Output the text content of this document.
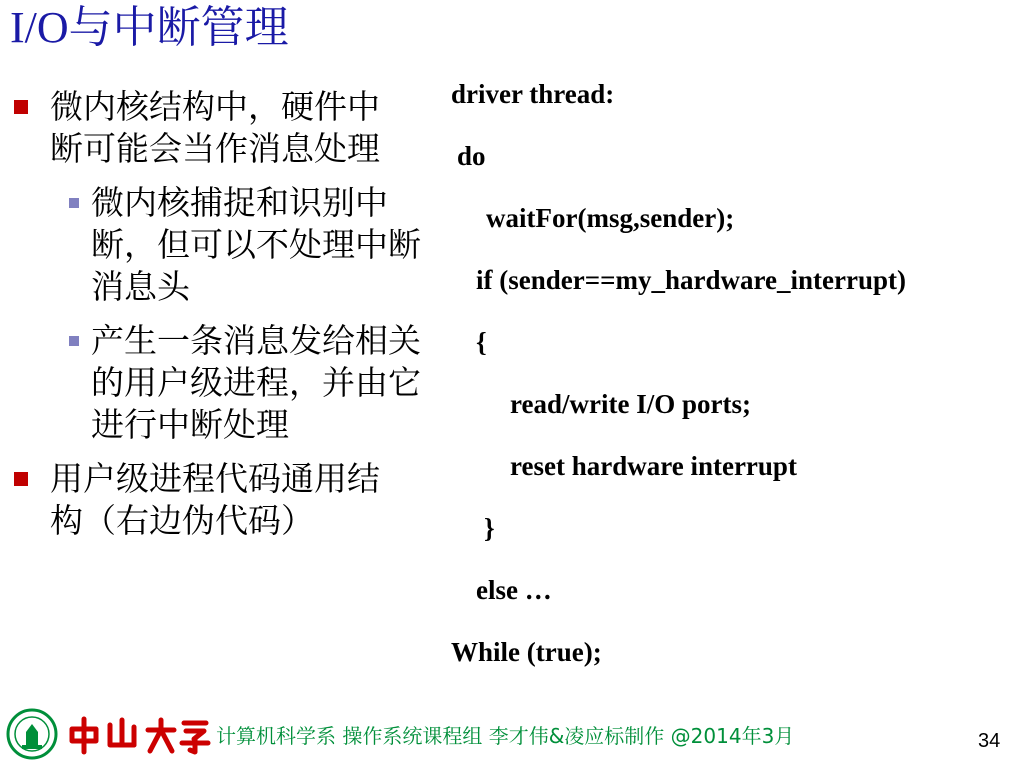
I/O与中断管理
微内核结构中，硬件中断可能会当作消息处理
微内核捕捉和识别中断，但可以不处理中断消息头
产生一条消息发给相关的用户级进程，并由它进行中断处理
用户级进程代码通用结构（右边伪代码）
driver thread:
do
waitFor(msg,sender);
if (sender==my_hardware_interrupt)
{
read/write I/O ports;
reset hardware interrupt
}
else …
While (true);
计算机科学系 操作系统课程组 李才伟&凌应标制作 @2014年3月	34
